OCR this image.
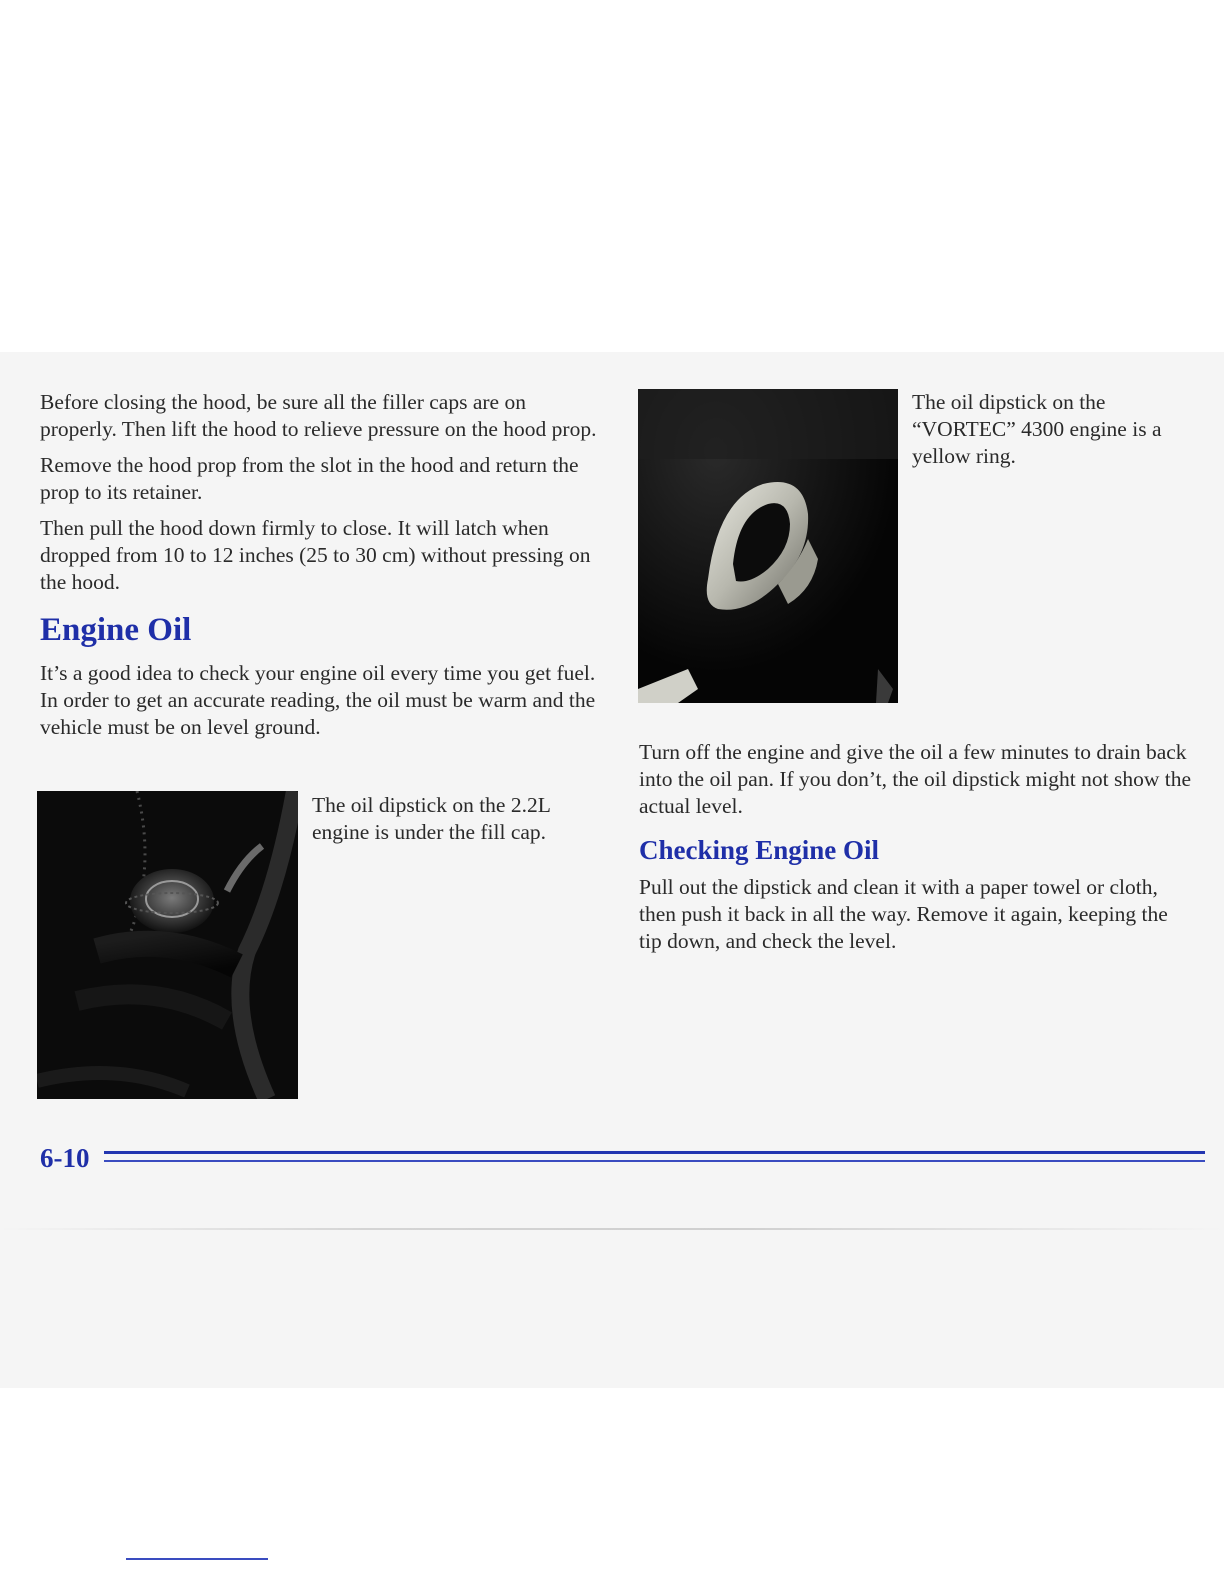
Before closing the hood, be sure all the filler caps are on properly. Then lift the hood to relieve pressure on the hood prop.

Remove the hood prop from the slot in the hood and return the prop to its retainer.

Then pull the hood down firmly to close. It will latch when dropped from 10 to 12 inches (25 to 30 cm) without pressing on the hood.

Engine Oil

It’s a good idea to check your engine oil every time you get fuel. In order to get an accurate reading, the oil must be warm and the vehicle must be on level ground.

The oil dipstick on the 2.2L engine is under the fill cap.
The oil dipstick on the “VORTEC” 4300 engine is a yellow ring.

Turn off the engine and give the oil a few minutes to drain back into the oil pan. If you don’t, the oil dipstick might not show the actual level.

Checking Engine Oil

Pull out the dipstick and clean it with a paper towel or cloth, then push it back in all the way. Remove it again, keeping the tip down, and check the level.

6-10
